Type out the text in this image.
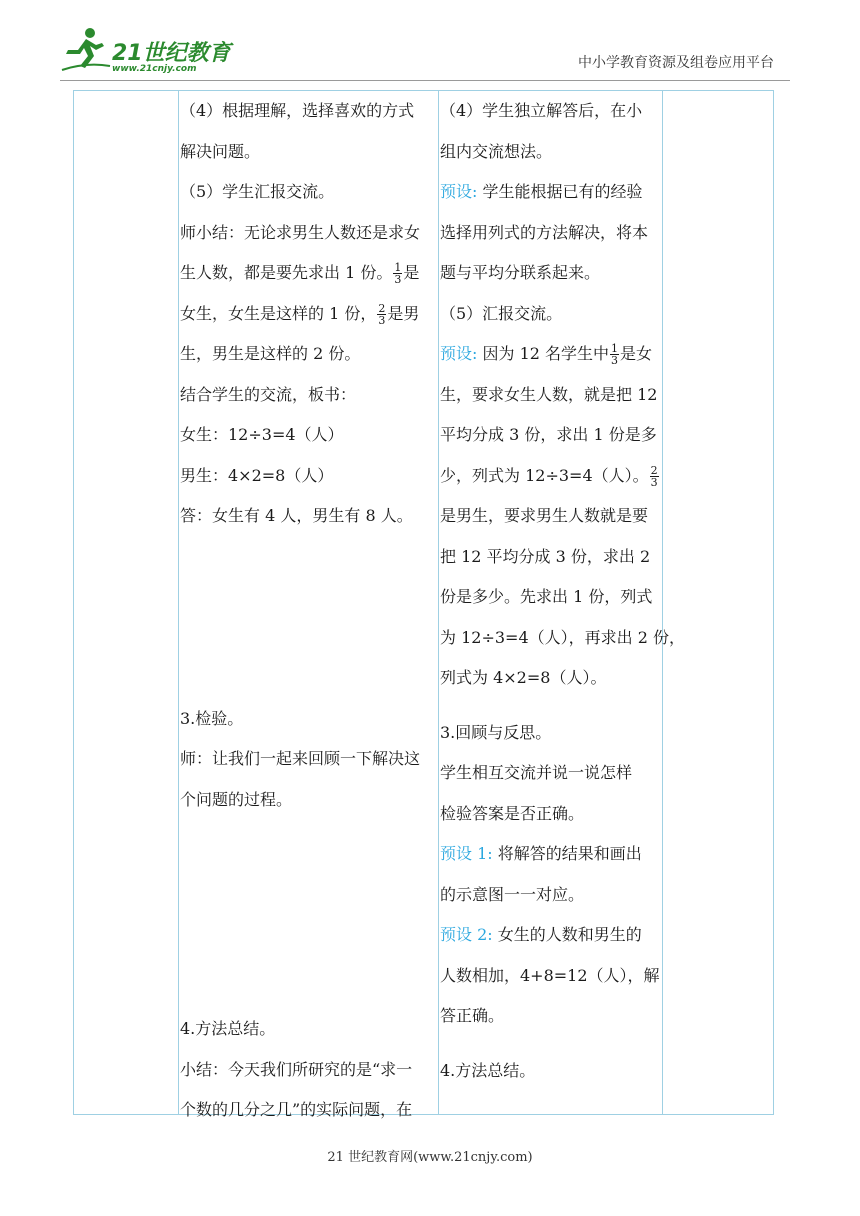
21世纪教育
www.21cnjy.com	中小学教育资源及组卷应用平台

（4）根据理解，选择喜欢的方式

解决问题。

（5）学生汇报交流。

师小结：无论求男生人数还是求女

生人数，都是要先求出 1 份。 $\frac{1}{3}$ 是

女生，女生是这样的 1 份， $\frac{2}{3}$ 是男

生，男生是这样的 2 份。

结合学生的交流，板书：

女生：12÷3=4（人）

男生：4×2=8（人）

答：女生有 4 人，男生有 8 人。

3.检验。

师：让我们一起来回顾一下解决这

个问题的过程。

4.方法总结。

小结：今天我们所研究的是“求一

个数的几分之几”的实际问题，在

（4）学生独立解答后，在小

组内交流想法。

预设: 学生能根据已有的经验

选择用列式的方法解决，将本

题与平均分联系起来。

（5）汇报交流。

预设: 因为 12 名学生中 $\frac{1}{3}$ 是女

生，要求女生人数，就是把 12

平均分成 3 份，求出 1 份是多

少，列式为 12÷3=4（人）。 $\frac{2}{3}$

是男生，要求男生人数就是要

把 12 平均分成 3 份，求出 2

份是多少。先求出 1 份，列式

为 12÷3=4（人），再求出 2 份，

列式为 4×2=8（人）。

3.回顾与反思。

学生相互交流并说一说怎样

检验答案是否正确。

预设 1: 将解答的结果和画出

的示意图一一对应。

预设 2: 女生的人数和男生的

人数相加，4+8=12（人），解

答正确。

4.方法总结。

21 世纪教育网(www.21cnjy.com)
